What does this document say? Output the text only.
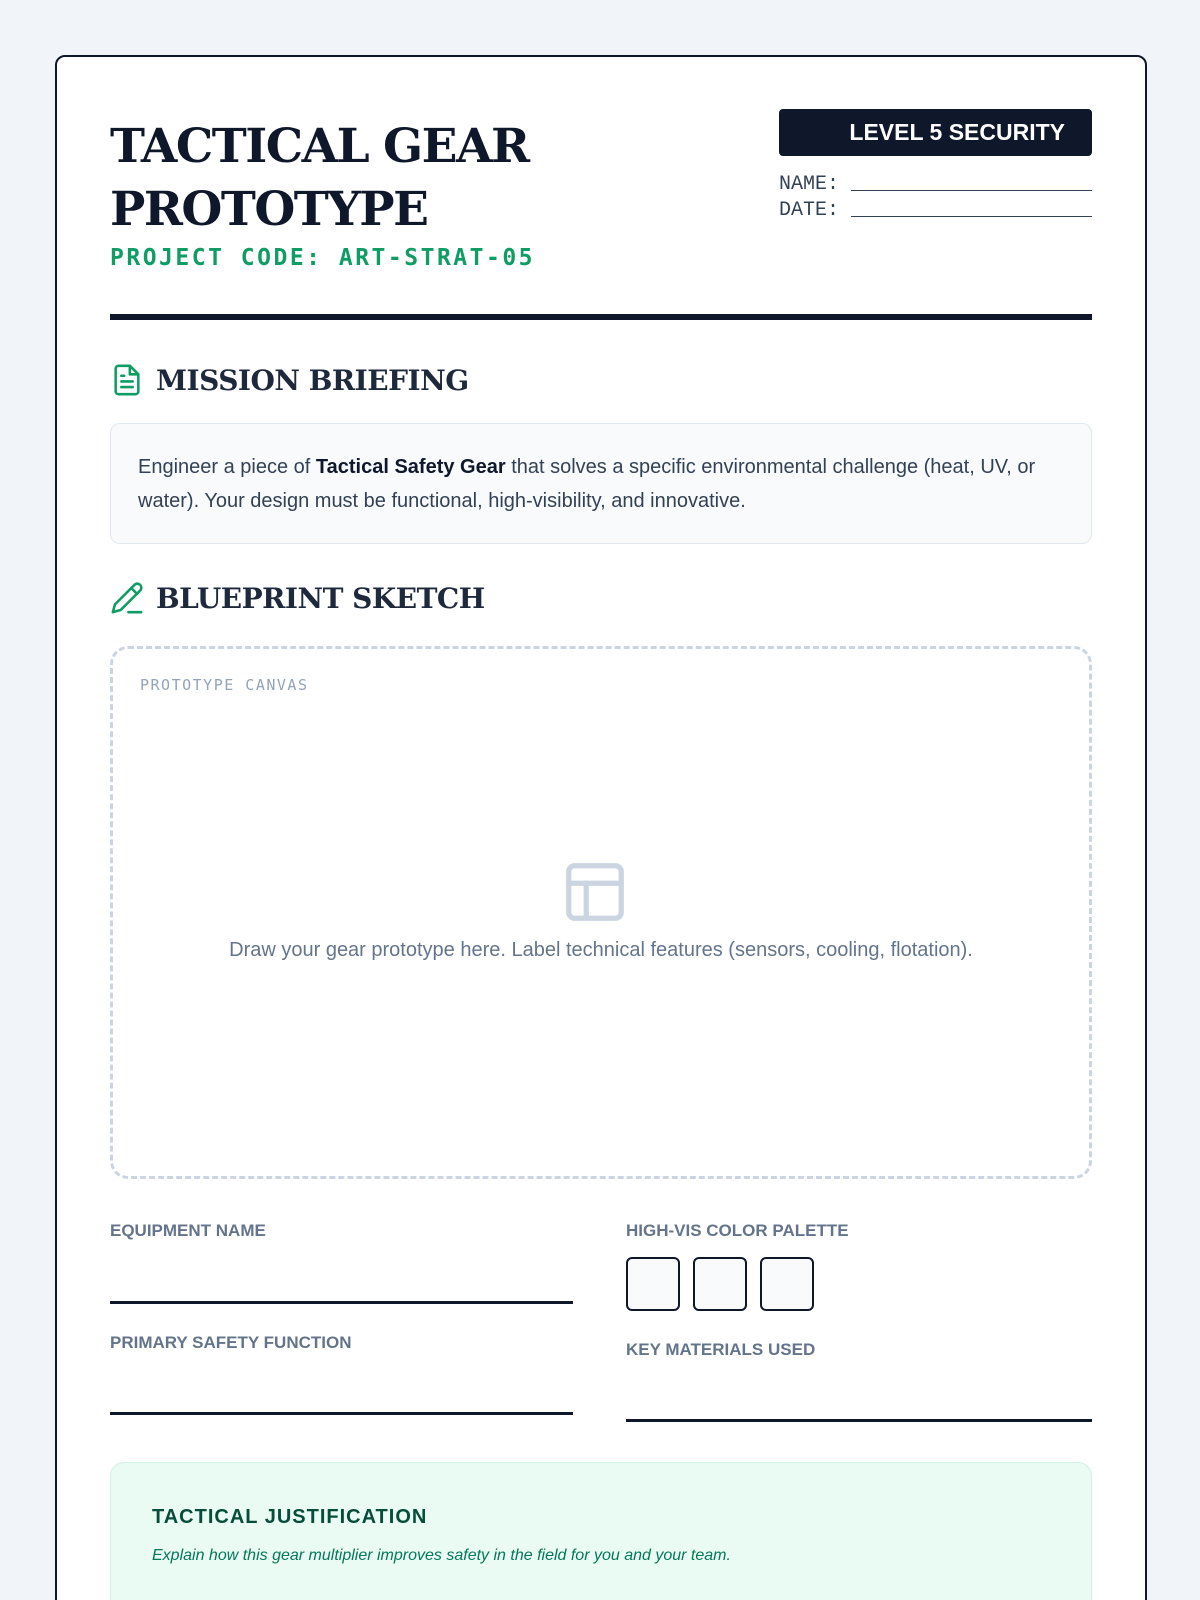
TACTICAL GEAR
PROTOTYPE
PROJECT CODE: ART-STRAT-05
LEVEL 5 SECURITY
NAME:
DATE:
MISSION BRIEFING
Engineer a piece of Tactical Safety Gear that solves a specific environmental challenge (heat, UV, or water). Your design must be functional, high-visibility, and innovative.
BLUEPRINT SKETCH
PROTOTYPE CANVAS
Draw your gear prototype here. Label technical features (sensors, cooling, flotation).
EQUIPMENT NAME
PRIMARY SAFETY FUNCTION
HIGH-VIS COLOR PALETTE
KEY MATERIALS USED
TACTICAL JUSTIFICATION
Explain how this gear multiplier improves safety in the field for you and your team.
